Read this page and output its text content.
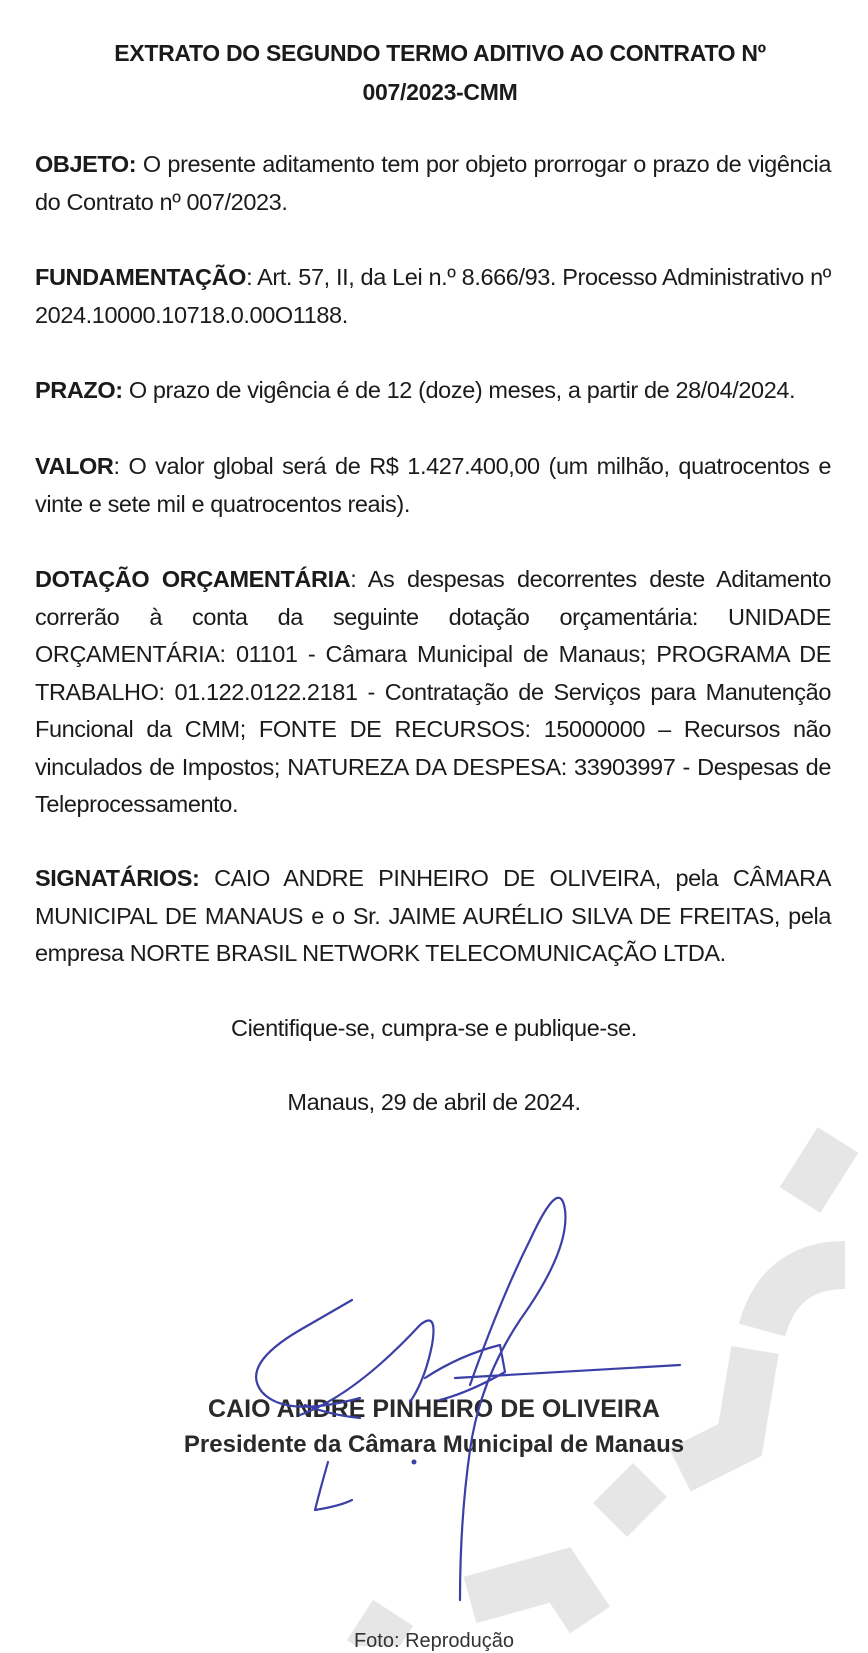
EXTRATO DO SEGUNDO TERMO ADITIVO AO CONTRATO Nº
007/2023-CMM
OBJETO: O presente aditamento tem por objeto prorrogar o prazo de vigência do Contrato nº 007/2023.
FUNDAMENTAÇÃO: Art. 57, II, da Lei n.º 8.666/93. Processo Administrativo nº 2024.10000.10718.0.00O1188.
PRAZO: O prazo de vigência é de 12 (doze) meses, a partir de 28/04/2024.
VALOR: O valor global será de R$ 1.427.400,00 (um milhão, quatrocentos e vinte e sete mil e quatrocentos reais).
DOTAÇÃO ORÇAMENTÁRIA: As despesas decorrentes deste Aditamento correrão à conta da seguinte dotação orçamentária: UNIDADE ORÇAMENTÁRIA: 01101 - Câmara Municipal de Manaus; PROGRAMA DE TRABALHO: 01.122.0122.2181 - Contratação de Serviços para Manutenção Funcional da CMM; FONTE DE RECURSOS: 15000000 – Recursos não vinculados de Impostos; NATUREZA DA DESPESA: 33903997 - Despesas de Teleprocessamento.
SIGNATÁRIOS: CAIO ANDRE PINHEIRO DE OLIVEIRA, pela CÂMARA MUNICIPAL DE MANAUS e o Sr. JAIME AURÉLIO SILVA DE FREITAS, pela empresa NORTE BRASIL NETWORK TELECOMUNICAÇÃO LTDA.
Cientifique-se, cumpra-se e publique-se.
Manaus, 29 de abril de 2024.
CAIO ANDRE PINHEIRO DE OLIVEIRA
Presidente da Câmara Municipal de Manaus
Foto: Reprodução
